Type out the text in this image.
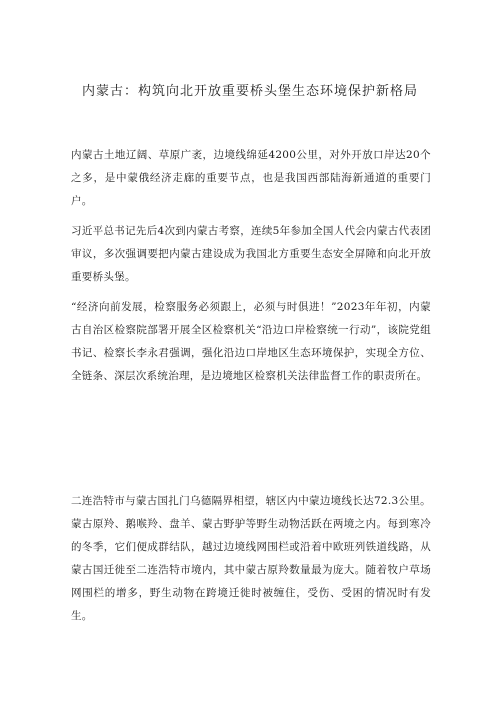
内蒙古：构筑向北开放重要桥头堡生态环境保护新格局

内蒙古土地辽阔、草原广袤，边境线绵延4200公里，对外开放口岸达20个之多，是中蒙俄经济走廊的重要节点，也是我国西部陆海新通道的重要门户。

习近平总书记先后4次到内蒙古考察，连续5年参加全国人代会内蒙古代表团审议，多次强调要把内蒙古建设成为我国北方重要生态安全屏障和向北开放重要桥头堡。

“经济向前发展，检察服务必须跟上，必须与时俱进！”2023年年初，内蒙古自治区检察院部署开展全区检察机关“沿边口岸检察统一行动”，该院党组书记、检察长李永君强调，强化沿边口岸地区生态环境保护，实现全方位、全链条、深层次系统治理，是边境地区检察机关法律监督工作的职责所在。

二连浩特市与蒙古国扎门乌德隔界相望，辖区内中蒙边境线长达72.3公里。蒙古原羚、鹅喉羚、盘羊、蒙古野驴等野生动物活跃在两境之内。每到寒冷的冬季，它们便成群结队，越过边境线网围栏或沿着中欧班列铁道线路，从蒙古国迁徙至二连浩特市境内，其中蒙古原羚数量最为庞大。随着牧户草场网围栏的增多，野生动物在跨境迁徙时被缠住，受伤、受困的情况时有发生。
